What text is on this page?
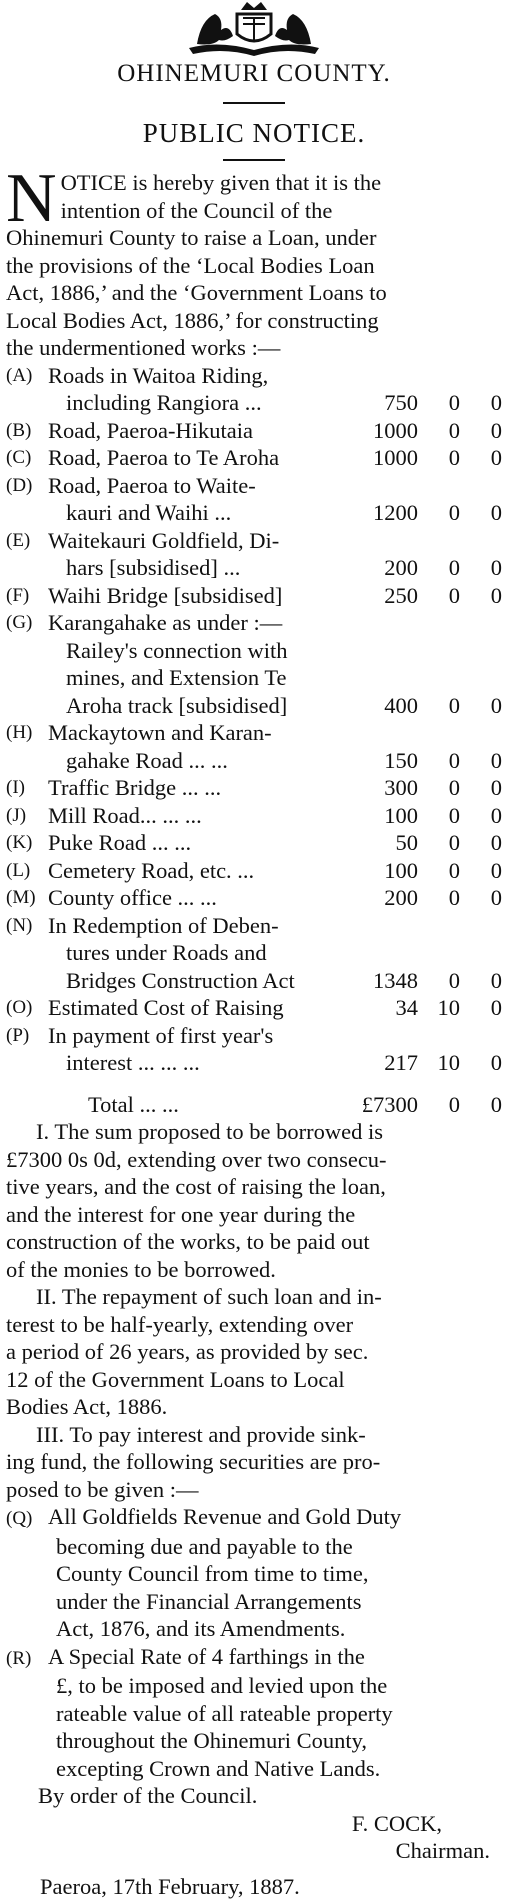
OHINEMURI COUNTY.
PUBLIC NOTICE.
N OTICE is hereby given that it is the
intention of the Council of the
Ohinemuri County to raise a Loan, under
the provisions of the ‘Local Bodies Loan
Act, 1886,’ and the ‘Government Loans to
Local Bodies Act, 1886,’ for constructing
the undermentioned works :—
(A)	Roads in Waitoa Riding,			
	including Rangiora ...	750	0	0
(B)	Road, Paeroa-Hikutaia	1000	0	0
(C)	Road, Paeroa to Te Aroha	1000	0	0
(D)	Road, Paeroa to Waite-			
	kauri and Waihi ...	1200	0	0
(E)	Waitekauri Goldfield, Di-			
	hars [subsidised] ...	200	0	0
(F)	Waihi Bridge [subsidised]	250	0	0
(G)	Karangahake as under :—			
	Railey's connection with			
	mines, and Extension Te			
	Aroha track [subsidised]	400	0	0
(H)	Mackaytown and Karan-			
	gahake Road ... ...	150	0	0
(I)	Traffic Bridge ... ...	300	0	0
(J)	Mill Road... ... ...	100	0	0
(K)	Puke Road ... ...	50	0	0
(L)	Cemetery Road, etc. ...	100	0	0
(M)	County office ... ...	200	0	0
(N)	In Redemption of Deben-			
	tures under Roads and			
	Bridges Construction Act	1348	0	0
(O)	Estimated Cost of Raising	34	10	0
(P)	In payment of first year's			
	interest ... ... ...	217	10	0
	Total ... ...	£7300	0	0
I. The sum proposed to be borrowed is
£7300 0s 0d, extending over two consecu-
tive years, and the cost of raising the loan,
and the interest for one year during the
construction of the works, to be paid out
of the monies to be borrowed.
II. The repayment of such loan and in-
terest to be half-yearly, extending over
a period of 26 years, as provided by sec.
12 of the Government Loans to Local
Bodies Act, 1886.
III. To pay interest and provide sink-
ing fund, the following securities are pro-
posed to be given :—
(Q) All Goldfields Revenue and Gold Duty
becoming due and payable to the
County Council from time to time,
under the Financial Arrangements
Act, 1876, and its Amendments.
(R) A Special Rate of 4 farthings in the
£, to be imposed and levied upon the
rateable value of all rateable property
throughout the Ohinemuri County,
excepting Crown and Native Lands.
By order of the Council.
F. COCK,
Chairman.
Paeroa, 17th February, 1887.
